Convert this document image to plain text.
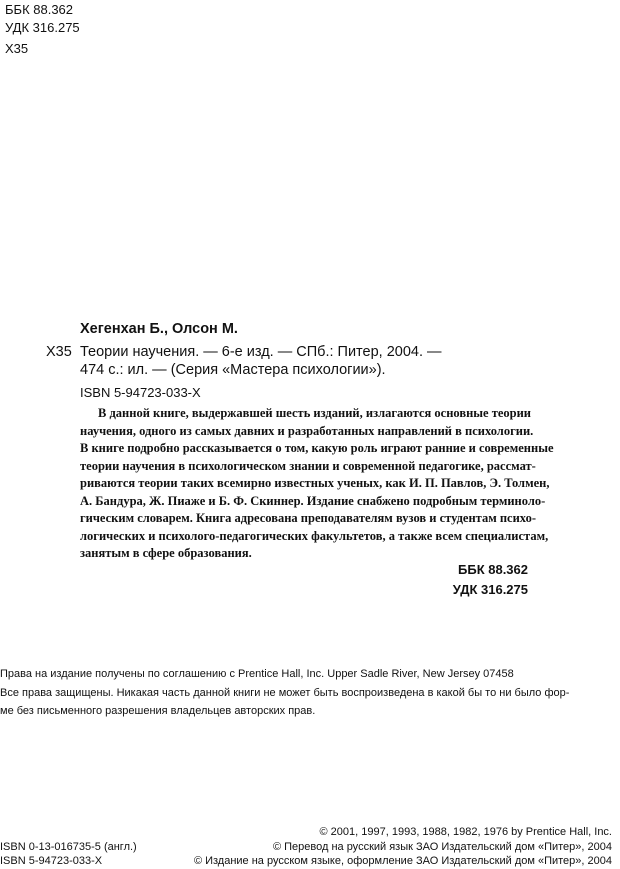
ББК 88.362
УДК 316.275
Х35
Хегенхан Б., Олсон М.
Х35 Теории научения. — 6-е изд. — СПб.: Питер, 2004. —
474 с.: ил. — (Серия «Мастера психологии»).
ISBN 5-94723-033-X
В данной книге, выдержавшей шесть изданий, излагаются основные теории
научения, одного из самых давних и разработанных направлений в психологии.
В книге подробно рассказывается о том, какую роль играют ранние и современные
теории научения в психологическом знании и современной педагогике, рассмат-
риваются теории таких всемирно известных ученых, как И. П. Павлов, Э. Толмен,
А. Бандура, Ж. Пиаже и Б. Ф. Скиннер. Издание снабжено подробным терминоло-
гическим словарем. Книга адресована преподавателям вузов и студентам психо-
логических и психолого-педагогических факультетов, а также всем специалистам,
занятым в сфере образования.
ББК 88.362
УДК 316.275
Права на издание получены по соглашению с Prentice Hall, Inc. Upper Sadle River, New Jersey 07458
Все права защищены. Никакая часть данной книги не может быть воспроизведена в какой бы то ни было фор-
ме без письменного разрешения владельцев авторских прав.
© 2001, 1997, 1993, 1988, 1982, 1976 by Prentice Hall, Inc.
ISBN 0-13-016735-5 (англ.)	© Перевод на русский язык ЗАО Издательский дом «Питер», 2004
ISBN 5-94723-033-X	© Издание на русском языке, оформление ЗАО Издательский дом «Питер», 2004
